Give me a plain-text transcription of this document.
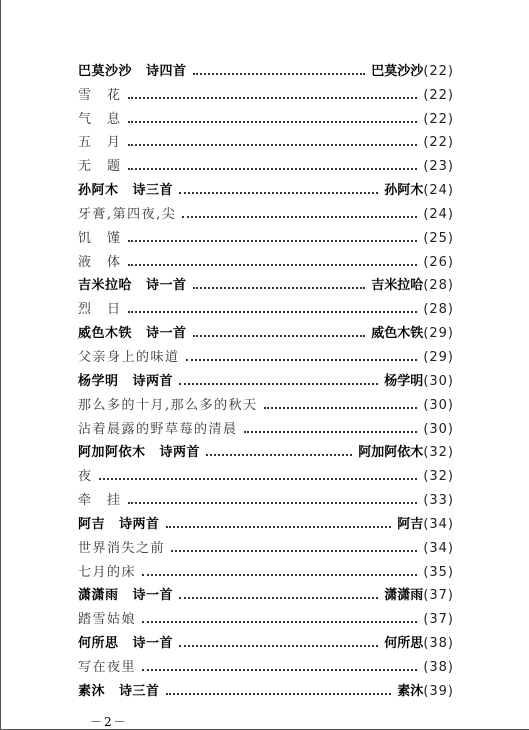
巴莫沙沙 诗四首	巴莫沙沙(22)
雪　花	(22)
气　息	(22)
五　月	(22)
无　题	(23)
孙阿木 诗三首	孙阿木(24)
牙膏,第四夜,尖	(24)
饥　馑	(25)
液　体	(26)
吉米拉哈 诗一首	吉米拉哈(28)
烈　日	(28)
威色木铁 诗一首	威色木铁(29)
父亲身上的味道	(29)
杨学明 诗两首	杨学明(30)
那么多的十月,那么多的秋天	(30)
沾着晨露的野草莓的清晨	(30)
阿加阿依木 诗两首	阿加阿依木(32)
夜	(32)
牵　挂	(33)
阿吉 诗两首	阿吉(34)
世界消失之前	(34)
七月的床	(35)
潇潇雨 诗一首	潇潇雨(37)
踏雪姑娘	(37)
何所思 诗一首	何所思(38)
写在夜里	(38)
素沐 诗三首	素沐(39)
－2－
